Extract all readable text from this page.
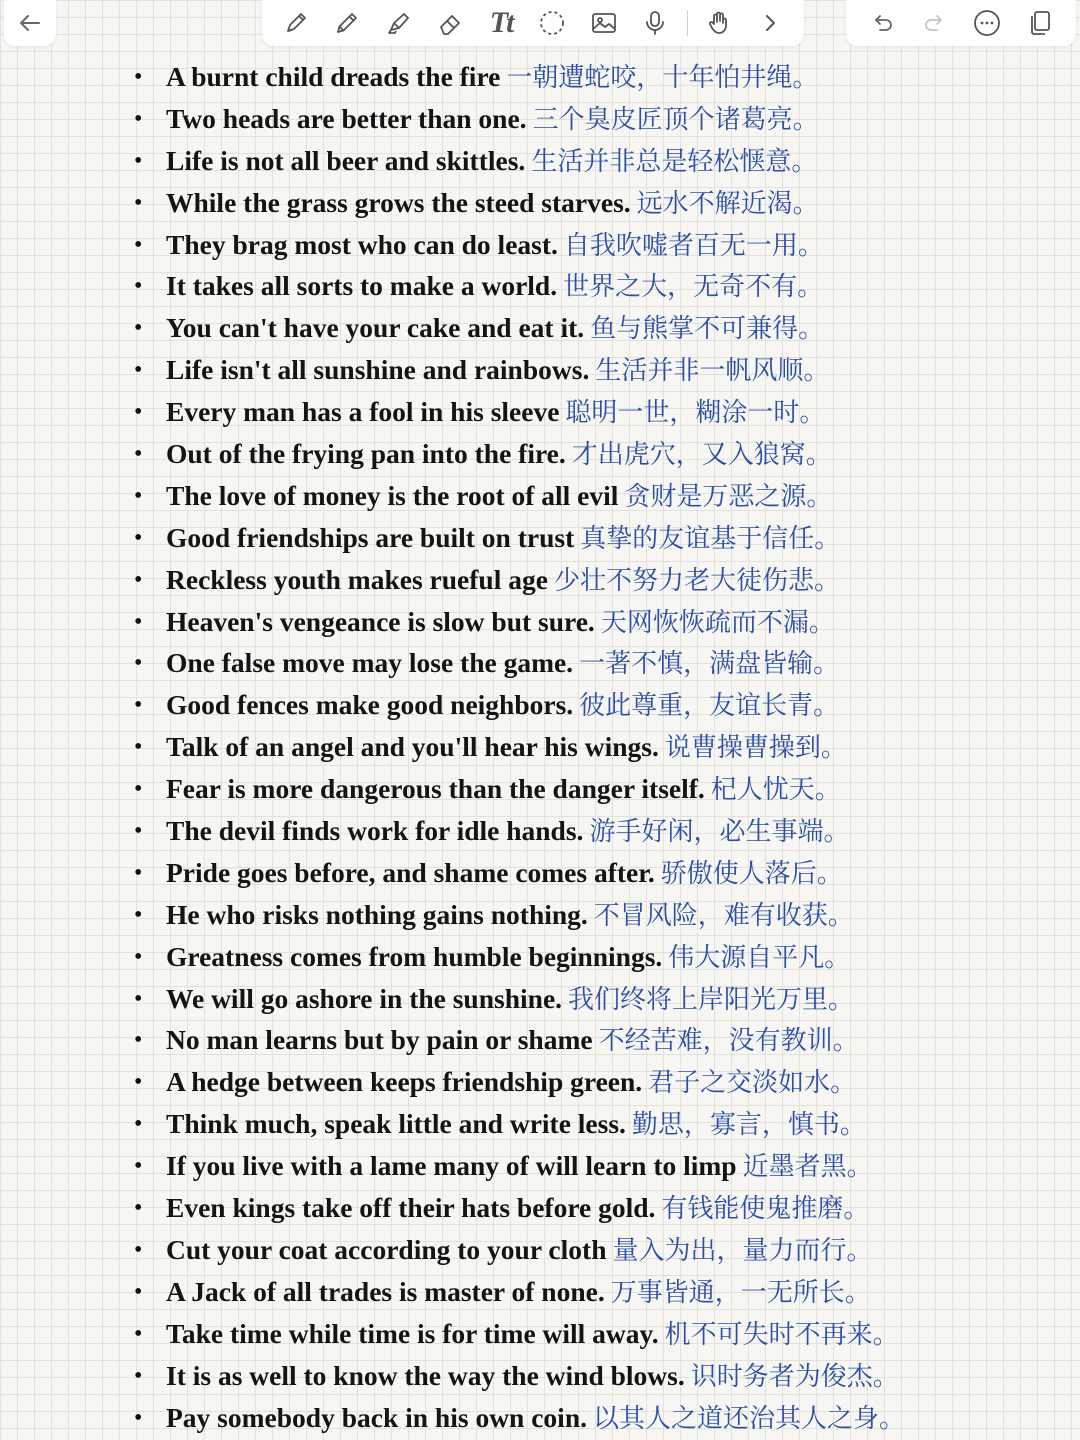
Tt
• A burnt child dreads the fire 一朝遭蛇咬，十年怕井绳。
• Two heads are better than one. 三个臭皮匠顶个诸葛亮。
• Life is not all beer and skittles. 生活并非总是轻松惬意。
• While the grass grows the steed starves. 远水不解近渴。
• They brag most who can do least. 自我吹嘘者百无一用。
• It takes all sorts to make a world. 世界之大，无奇不有。
• You can't have your cake and eat it. 鱼与熊掌不可兼得。
• Life isn't all sunshine and rainbows. 生活并非一帆风顺。
• Every man has a fool in his sleeve 聪明一世，糊涂一时。
• Out of the frying pan into the fire. 才出虎穴，又入狼窝。
• The love of money is the root of all evil 贪财是万恶之源。
• Good friendships are built on trust 真挚的友谊基于信任。
• Reckless youth makes rueful age 少壮不努力老大徒伤悲。
• Heaven's vengeance is slow but sure. 天网恢恢疏而不漏。
• One false move may lose the game. 一著不慎，满盘皆输。
• Good fences make good neighbors. 彼此尊重，友谊长青。
• Talk of an angel and you'll hear his wings. 说曹操曹操到。
• Fear is more dangerous than the danger itself. 杞人忧天。
• The devil finds work for idle hands. 游手好闲，必生事端。
• Pride goes before, and shame comes after. 骄傲使人落后。
• He who risks nothing gains nothing. 不冒风险，难有收获。
• Greatness comes from humble beginnings. 伟大源自平凡。
• We will go ashore in the sunshine. 我们终将上岸阳光万里。
• No man learns but by pain or shame 不经苦难，没有教训。
• A hedge between keeps friendship green. 君子之交淡如水。
• Think much, speak little and write less. 勤思，寡言，慎书。
• If you live with a lame many of will learn to limp 近墨者黑。
• Even kings take off their hats before gold. 有钱能使鬼推磨。
• Cut your coat according to your cloth 量入为出，量力而行。
• A Jack of all trades is master of none. 万事皆通，一无所长。
• Take time while time is for time will away. 机不可失时不再来。
• It is as well to know the way the wind blows. 识时务者为俊杰。
• Pay somebody back in his own coin. 以其人之道还治其人之身。
